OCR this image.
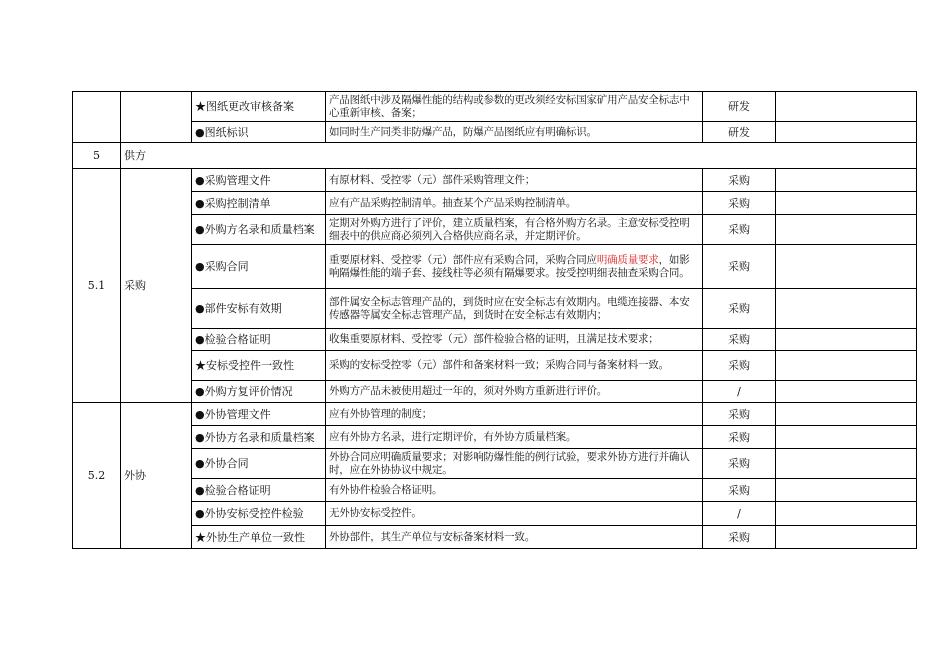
		★图纸更改审核备案	产品图纸中涉及隔爆性能的结构或参数的更改须经安标国家矿用产品安全标志中心重新审核、备案；	研发	
		●图纸标识	如同时生产同类非防爆产品，防爆产品图纸应有明确标识。	研发	
5	供方				
5.1	采购	●采购管理文件	有原材料、受控零（元）部件采购管理文件；	采购	
		●采购控制清单	应有产品采购控制清单。抽查某个产品采购控制清单。	采购	
		●外购方名录和质量档案	定期对外购方进行了评价，建立质量档案，有合格外购方名录。主意安标受控明细表中的供应商必须列入合格供应商名录，并定期评价。	采购	
		●采购合同	重要原材料、受控零（元）部件应有采购合同，采购合同应明确质量要求，如影响隔爆性能的端子套、接线柱等必须有隔爆要求。按受控明细表抽查采购合同。	采购	
		●部件安标有效期	部件属安全标志管理产品的，到货时应在安全标志有效期内。电缆连接器、本安传感器等属安全标志管理产品，到货时在安全标志有效期内；	采购	
		●检验合格证明	收集重要原材料、受控零（元）部件检验合格的证明，且满足技术要求；	采购	
		★安标受控件一致性	采购的安标受控零（元）部件和备案材料一致；采购合同与备案材料一致。	采购	
		●外购方复评价情况	外购方产品未被使用超过一年的，须对外购方重新进行评价。	/	
5.2	外协	●外协管理文件	应有外协管理的制度；	采购	
		●外协方名录和质量档案	应有外协方名录，进行定期评价，有外协方质量档案。	采购	
		●外协合同	外协合同应明确质量要求；对影响防爆性能的例行试验，要求外协方进行并确认时，应在外协协议中规定。	采购	
		●检验合格证明	有外协件检验合格证明。	采购	
		●外协安标受控件检验	无外协安标受控件。	/	
		★外协生产单位一致性	外协部件，其生产单位与安标备案材料一致。	采购	
